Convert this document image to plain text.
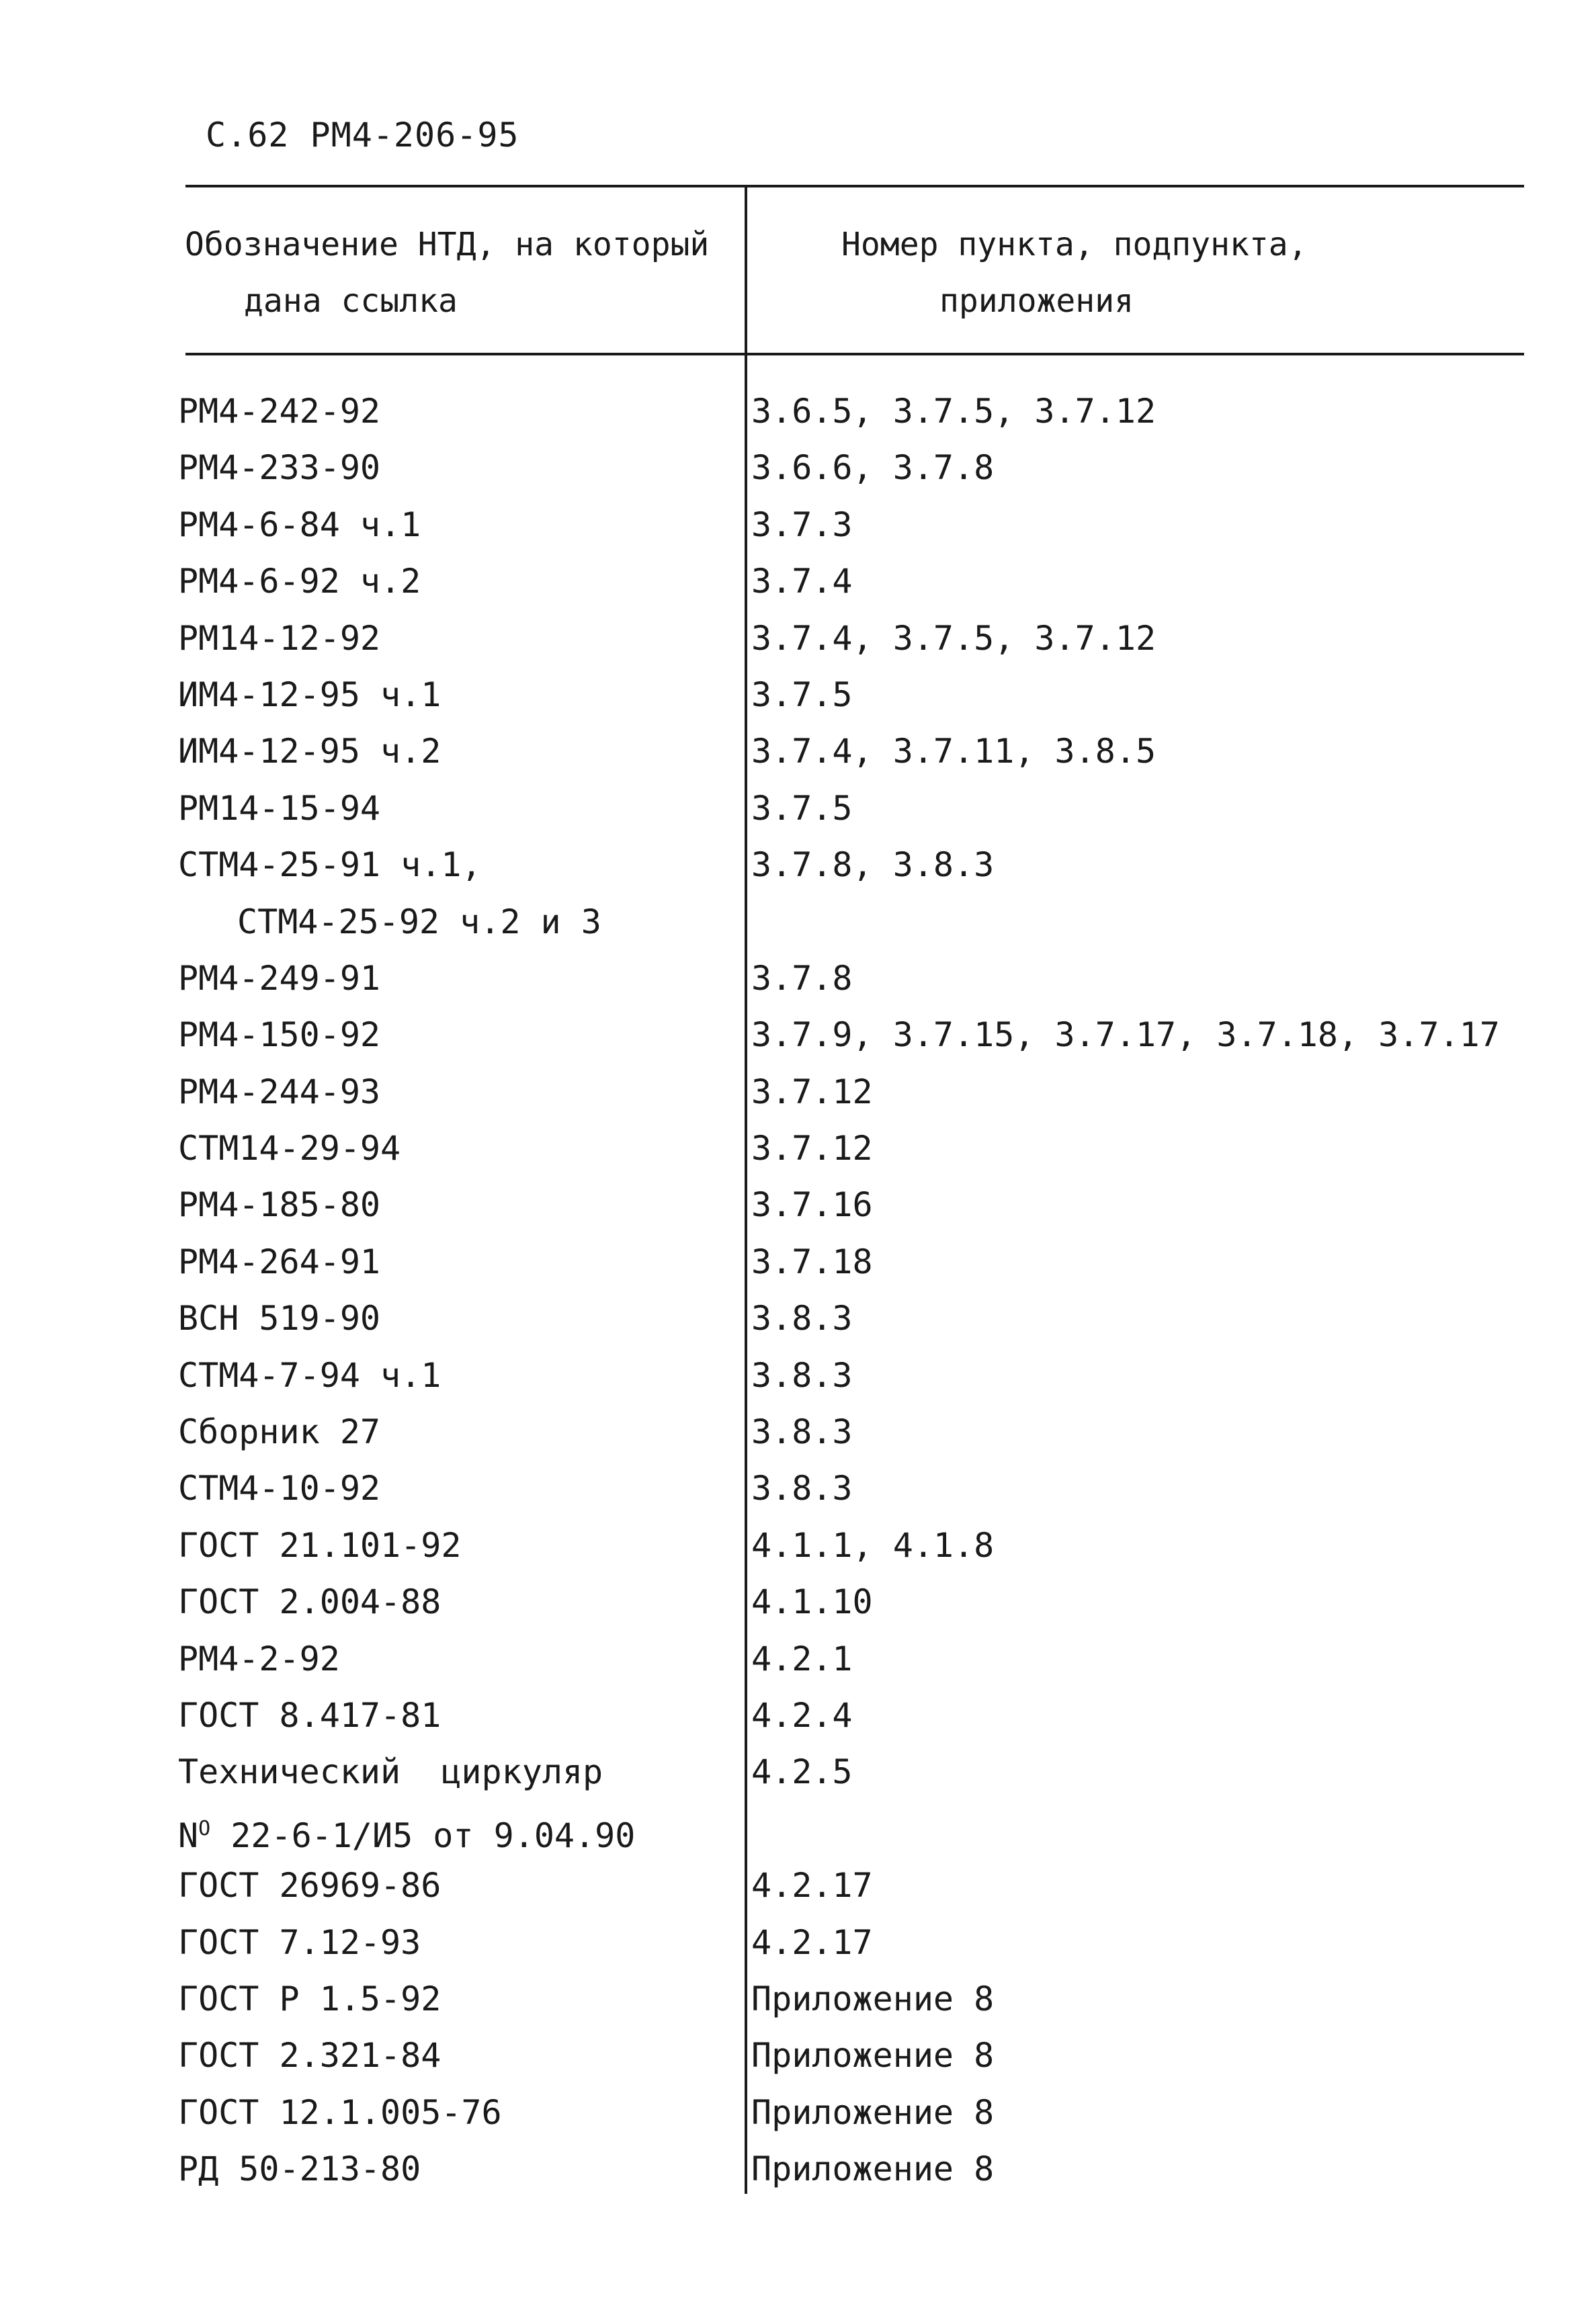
С.62 РМ4-206-95
Обозначение НТД, на который
дана ссылка
Номер пункта, подпункта,
приложения
РМ4-242-92	3.6.5, 3.7.5, 3.7.12
РМ4-233-90	3.6.6, 3.7.8
РМ4-6-84 ч.1	3.7.3
РМ4-6-92 ч.2	3.7.4
РМ14-12-92	3.7.4, 3.7.5, 3.7.12
ИМ4-12-95 ч.1	3.7.5
ИМ4-12-95 ч.2	3.7.4, 3.7.11, 3.8.5
РМ14-15-94	3.7.5
СТМ4-25-91 ч.1,	3.7.8, 3.8.3
СТМ4-25-92 ч.2 и 3
РМ4-249-91	3.7.8
РМ4-150-92	3.7.9, 3.7.15, 3.7.17, 3.7.18, 3.7.17
РМ4-244-93	3.7.12
СТМ14-29-94	3.7.12
РМ4-185-80	3.7.16
РМ4-264-91	3.7.18
ВСН 519-90	3.8.3
СТМ4-7-94 ч.1	3.8.3
Сборник 27	3.8.3
СТМ4-10-92	3.8.3
ГОСТ 21.101-92	4.1.1, 4.1.8
ГОСТ 2.004-88	4.1.10
РМ4-2-92	4.2.1
ГОСТ 8.417-81	4.2.4
Технический  циркуляр	4.2.5
$N^O$ 22-6-1/И5 от 9.04.90
ГОСТ 26969-86	4.2.17
ГОСТ 7.12-93	4.2.17
ГОСТ Р 1.5-92	Приложение 8
ГОСТ 2.321-84	Приложение 8
ГОСТ 12.1.005-76	Приложение 8
РД 50-213-80	Приложение 8
